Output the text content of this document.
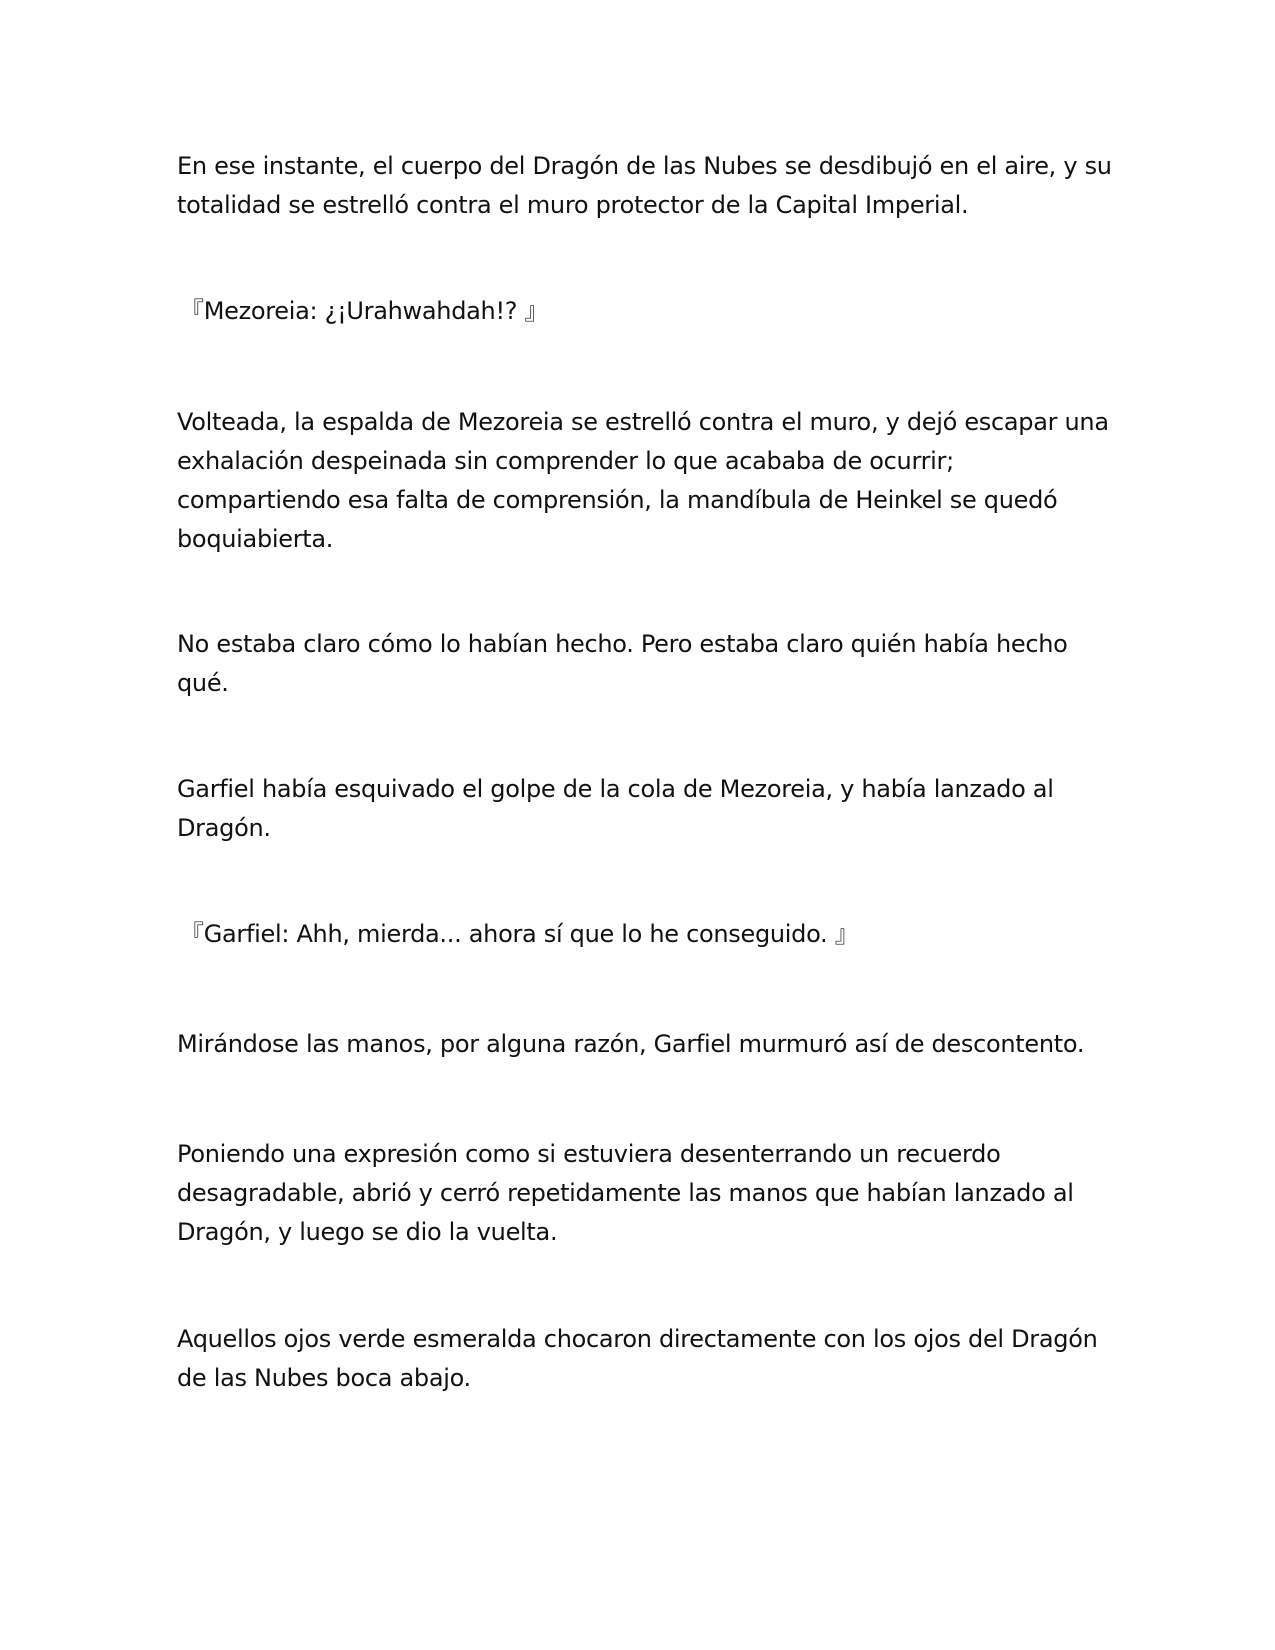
En ese instante, el cuerpo del Dragón de las Nubes se desdibujó en el aire, y su totalidad se estrelló contra el muro protector de la Capital Imperial.

『Mezoreia: ¿¡Urahwahdah!? 』

Volteada, la espalda de Mezoreia se estrelló contra el muro, y dejó escapar una exhalación despeinada sin comprender lo que acababa de ocurrir; compartiendo esa falta de comprensión, la mandíbula de Heinkel se quedó boquiabierta.

No estaba claro cómo lo habían hecho. Pero estaba claro quién había hecho qué.

Garfiel había esquivado el golpe de la cola de Mezoreia, y había lanzado al Dragón.

『Garfiel: Ahh, mierda... ahora sí que lo he conseguido. 』

Mirándose las manos, por alguna razón, Garfiel murmuró así de descontento.

Poniendo una expresión como si estuviera desenterrando un recuerdo desagradable, abrió y cerró repetidamente las manos que habían lanzado al Dragón, y luego se dio la vuelta.

Aquellos ojos verde esmeralda chocaron directamente con los ojos del Dragón de las Nubes boca abajo.
